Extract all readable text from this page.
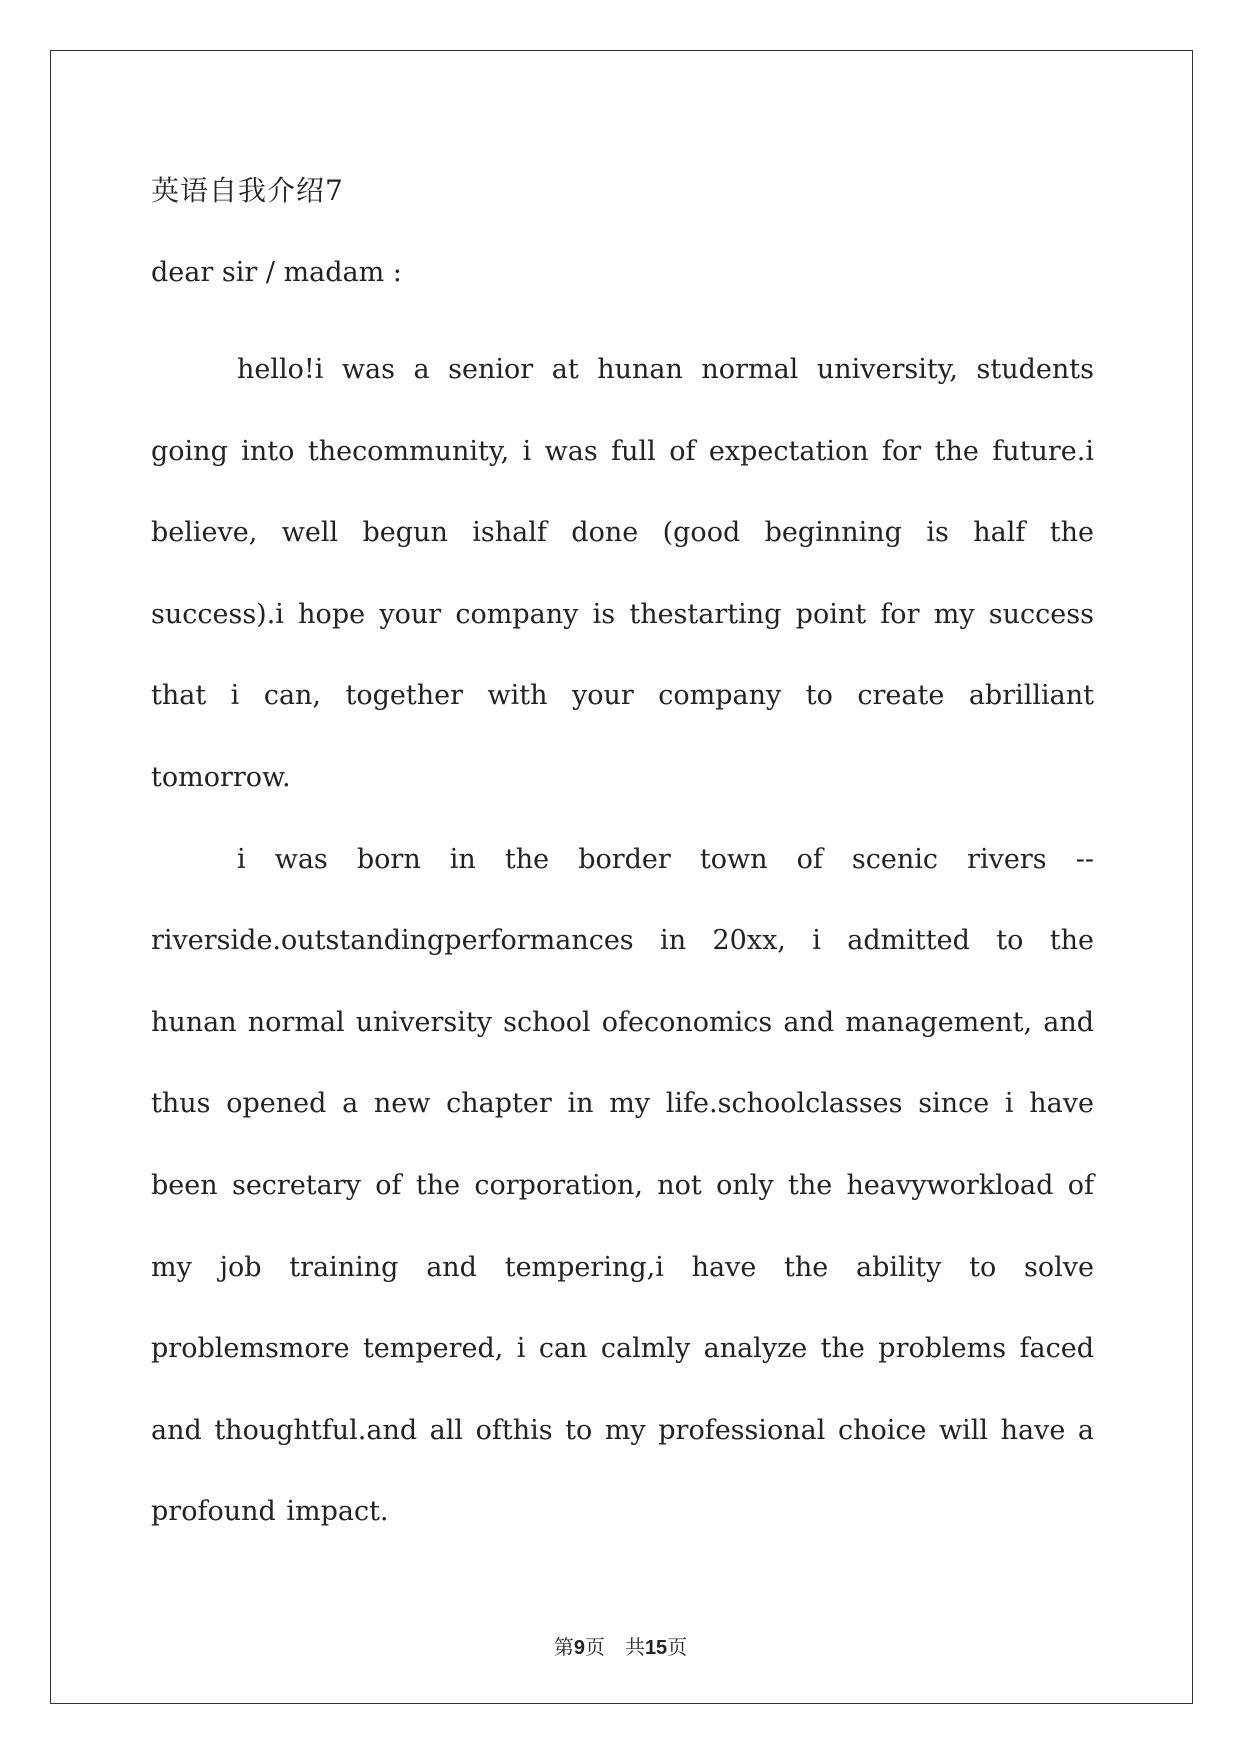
英语自我介绍7
dear sir / madam :

hello!i was a senior at hunan normal university, students going into thecommunity, i was full of expectation for the future.i believe, well begun ishalf done (good beginning is half the success).i hope your company is thestarting point for my success that i can, together with your company to create abrilliant tomorrow.

i was born in the border town of scenic rivers --riverside.outstandingperformances in 20xx, i admitted to the hunan normal university school ofeconomics and management, and thus opened a new chapter in my life.schoolclasses since i have been secretary of the corporation, not only the heavyworkload of my job training and tempering,i have the ability to solve problemsmore tempered, i can calmly analyze the problems faced and thoughtful.and all ofthis to my professional choice will have a profound impact.

第9页 共15页
